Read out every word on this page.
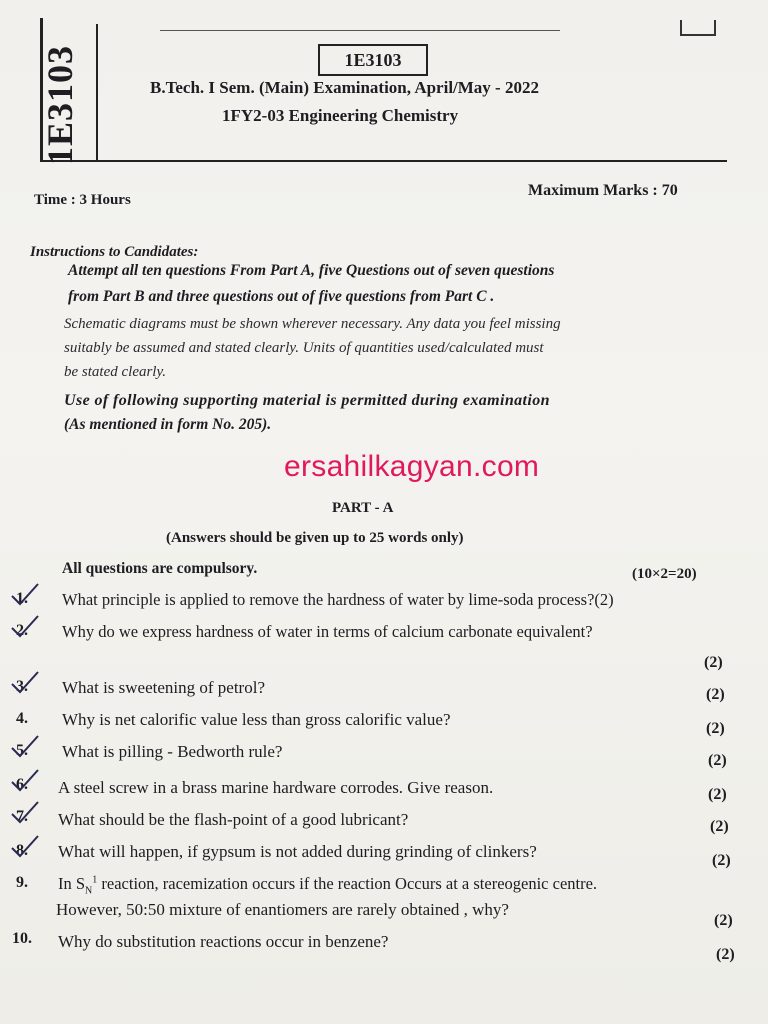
1E3103	1E3103
B.Tech. I Sem. (Main) Examination, April/May - 2022
1FY2-03 Engineering Chemistry
Time : 3 Hours
Maximum Marks : 70
Instructions to Candidates:
Attempt all ten questions From Part A, five Questions out of seven questions
from Part B and three questions out of five questions from Part C .
Schematic diagrams must be shown wherever necessary. Any data you feel missing
suitably be assumed and stated clearly. Units of quantities used/calculated must
be stated clearly.
Use of following supporting material is permitted during examination
(As mentioned in form No. 205).
ersahilkagyan.com
PART - A
(Answers should be given up to 25 words only)
All questions are compulsory.	(10×2=20)
1. What principle is applied to remove the hardness of water by lime-soda process?(2)
2. Why do we express hardness of water in terms of calcium carbonate equivalent?
(2)
3. What is sweetening of petrol?	(2)
4. Why is net calorific value less than gross calorific value?	(2)
5. What is pilling - Bedworth rule?	(2)
6. A steel screw in a brass marine hardware corrodes. Give reason.	(2)
7. What should be the flash-point of a good lubricant?	(2)
8. What will happen, if gypsum is not added during grinding of clinkers?	(2)
9. In $S_N^1$ reaction, racemization occurs if the reaction Occurs at a stereogenic centre.
However, 50:50 mixture of enantiomers are rarely obtained , why?
(2)
10. Why do substitution reactions occur in benzene?
(2)
